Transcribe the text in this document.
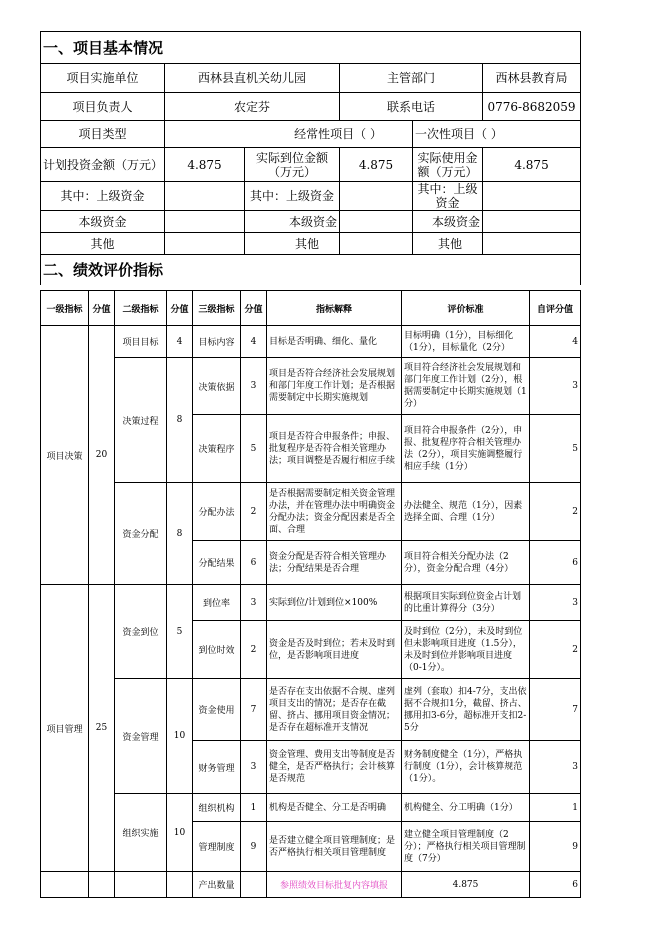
一、项目基本情况					
项目实施单位	西林县直机关幼儿园		主管部门		西林县教育局
项目负责人	农定芬		联系电话		0776-8682059
项目类型	经常性项目（ ）			一次性项目（ ）	
计划投资金额（万元）	4.875	实际到位金额（万元）	4.875	实际使用金额（万元）	4.875
其中：上级资金		其中：上级资金		其中：上级资金	
本级资金		本级资金		本级资金	
其他		其他		其他	
二、绩效评价指标					
一级指标	分值	二级指标	分值	三级指标	分值	指标解释	评价标准	自评分值
项目决策	20	项目目标	4	目标内容	4	目标是否明确、细化、量化	目标明确（1分），目标细化（1分），目标量化（2分）	4
		决策过程	8	决策依据	3	项目是否符合经济社会发展规划和部门年度工作计划；是否根据需要制定中长期实施规划	项目符合经济社会发展规划和部门年度工作计划（2分），根据需要制定中长期实施规划（1分）	3
				决策程序	5	项目是否符合申报条件；申报、批复程序是否符合相关管理办法；项目调整是否履行相应手续	项目符合申报条件（2分），申报、批复程序符合相关管理办法（2分），项目实施调整履行相应手续（1分）	5
		资金分配	8	分配办法	2	是否根据需要制定相关资金管理办法，并在管理办法中明确资金分配办法；资金分配因素是否全面、合理	办法健全、规范（1分），因素选择全面、合理（1分）	2
				分配结果	6	资金分配是否符合相关管理办法；分配结果是否合理	项目符合相关分配办法（2分），资金分配合理（4分）	6
项目管理	25	资金到位	5	到位率	3	实际到位/计划到位×100%	根据项目实际到位资金占计划的比重计算得分（3分）	3
				到位时效	2	资金是否及时到位；若未及时到位，是否影响项目进度	及时到位（2分），未及时到位但未影响项目进度（1.5分），未及时到位并影响项目进度（0-1分）。	2
		资金管理	10	资金使用	7	是否存在支出依据不合规、虚列项目支出的情况；是否存在截留、挤占、挪用项目资金情况；是否存在超标准开支情况	虚列（套取）扣4-7分，支出依据不合规扣1分，截留、挤占、挪用扣3-6分，超标准开支扣2-5分	7
				财务管理	3	资金管理、费用支出等制度是否健全，是否严格执行；会计核算是否规范	财务制度健全（1分），严格执行制度（1分），会计核算规范（1分）。	3
		组织实施	10	组织机构	1	机构是否健全、分工是否明确	机构健全、分工明确（1分）	1
				管理制度	9	是否建立健全项目管理制度；是否严格执行相关项目管理制度	建立健全项目管理制度（2分）；严格执行相关项目管理制度（7分）	9
				产出数量		参照绩效目标批复内容填报	4.875	6
